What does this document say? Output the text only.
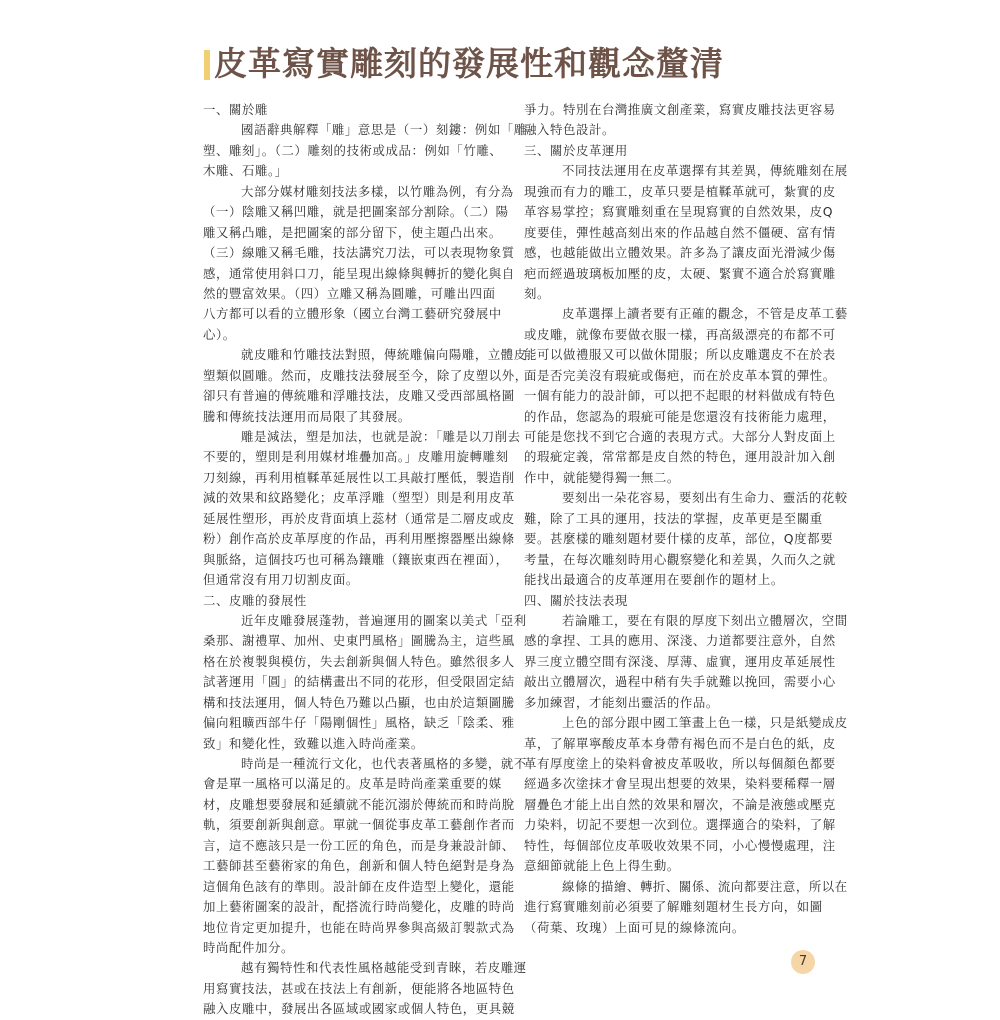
皮革寫實雕刻的發展性和觀念釐清
一、關於雕
國語辭典解釋「雕」意思是（一）刻鏤：例如「雕
塑、雕刻」。（二）雕刻的技術或成品：例如「竹雕、
木雕、石雕。」
大部分媒材雕刻技法多樣，以竹雕為例，有分為
（一）陰雕又稱凹雕，就是把圖案部分割除。（二）陽
雕又稱凸雕，是把圖案的部分留下，使主題凸出來。
（三）線雕又稱毛雕，技法講究刀法，可以表現物象質
感，通常使用斜口刀，能呈現出線條與轉折的變化與自
然的豐富效果。（四）立雕又稱為圓雕，可雕出四面
八方都可以看的立體形象（國立台灣工藝研究發展中
心）。
就皮雕和竹雕技法對照，傳統雕偏向陽雕，立體皮
塑類似圓雕。然而，皮雕技法發展至今，除了皮塑以外，
卻只有普遍的傳統雕和浮雕技法，皮雕又受西部風格圖
騰和傳統技法運用而局限了其發展。
雕是減法，塑是加法，也就是說：「雕是以刀削去
不要的，塑則是利用媒材堆疊加高。」皮雕用旋轉雕刻
刀刻線，再利用植鞣革延展性以工具敲打壓低，製造削
減的效果和紋路變化；皮革浮雕（塑型）則是利用皮革
延展性塑形，再於皮背面填上蕊材（通常是二層皮或皮
粉）創作高於皮革厚度的作品，再利用壓擦器壓出線條
與脈絡，這個技巧也可稱為鑲雕（鑲嵌東西在裡面），
但通常沒有用刀切割皮面。
二、皮雕的發展性
近年皮雕發展蓬勃，普遍運用的圖案以美式「亞利
桑那、謝禮單、加州、史東門風格」圖騰為主，這些風
格在於複製與模仿，失去創新與個人特色。雖然很多人
試著運用「圓」的結構畫出不同的花形，但受限固定結
構和技法運用，個人特色乃難以凸顯，也由於這類圖騰
偏向粗曠西部牛仔「陽剛個性」風格，缺乏「陰柔、雅
致」和變化性，致難以進入時尚產業。
時尚是一種流行文化，也代表著風格的多變，就不
會是單一風格可以滿足的。皮革是時尚產業重要的媒
材，皮雕想要發展和延續就不能沉溺於傳統而和時尚脫
軌，須要創新與創意。單就一個從事皮革工藝創作者而
言，這不應該只是一份工匠的角色，而是身兼設計師、
工藝師甚至藝術家的角色，創新和個人特色絕對是身為
這個角色該有的準則。設計師在皮件造型上變化，還能
加上藝術圖案的設計，配搭流行時尚變化，皮雕的時尚
地位肯定更加提升，也能在時尚界參與高級訂製款式為
時尚配件加分。
越有獨特性和代表性風格越能受到青睞，若皮雕運
用寫實技法，甚或在技法上有創新，便能將各地區特色
融入皮雕中，發展出各區域或國家或個人特色，更具競
爭力。特別在台灣推廣文創產業，寫實皮雕技法更容易
融入特色設計。
三、關於皮革運用
不同技法運用在皮革選擇有其差異，傳統雕刻在展
現強而有力的雕工，皮革只要是植鞣革就可，紮實的皮
革容易掌控；寫實雕刻重在呈現寫實的自然效果，皮Q
度要佳，彈性越高刻出來的作品越自然不僵硬、富有情
感，也越能做出立體效果。許多為了讓皮面光滑減少傷
疤而經過玻璃板加壓的皮，太硬、緊實不適合於寫實雕
刻。
皮革選擇上讀者要有正確的觀念，不管是皮革工藝
或皮雕，就像布要做衣服一樣，再高級漂亮的布都不可
能可以做禮服又可以做休閒服；所以皮雕選皮不在於表
面是否完美沒有瑕疵或傷疤，而在於皮革本質的彈性。
一個有能力的設計師，可以把不起眼的材料做成有特色
的作品，您認為的瑕疵可能是您還沒有技術能力處理，
可能是您找不到它合適的表現方式。大部分人對皮面上
的瑕疵定義，常常都是皮自然的特色，運用設計加入創
作中，就能變得獨一無二。
要刻出一朵花容易，要刻出有生命力、靈活的花較
難，除了工具的運用，技法的掌握，皮革更是至關重
要。甚麼樣的雕刻題材要什樣的皮革，部位，Q度都要
考量，在每次雕刻時用心觀察變化和差異，久而久之就
能找出最適合的皮革運用在要創作的題材上。
四、關於技法表現
若論雕工，要在有限的厚度下刻出立體層次，空間
感的拿捏、工具的應用、深淺、力道都要注意外，自然
界三度立體空間有深淺、厚薄、虛實，運用皮革延展性
敲出立體層次，過程中稍有失手就難以挽回，需要小心
多加練習，才能刻出靈活的作品。
上色的部分跟中國工筆畫上色一樣，只是紙變成皮
革，了解單寧酸皮革本身帶有褐色而不是白色的紙，皮
革有厚度塗上的染料會被皮革吸收，所以每個顏色都要
經過多次塗抹才會呈現出想要的效果，染料要稀釋一層
層疊色才能上出自然的效果和層次，不論是液態或壓克
力染料，切記不要想一次到位。選擇適合的染料，了解
特性，每個部位皮革吸收效果不同，小心慢慢處理，注
意細節就能上色上得生動。
線條的描繪、轉折、關係、流向都要注意，所以在
進行寫實雕刻前必須要了解雕刻題材生長方向，如圖
（荷葉、玫瑰）上面可見的線條流向。
7
